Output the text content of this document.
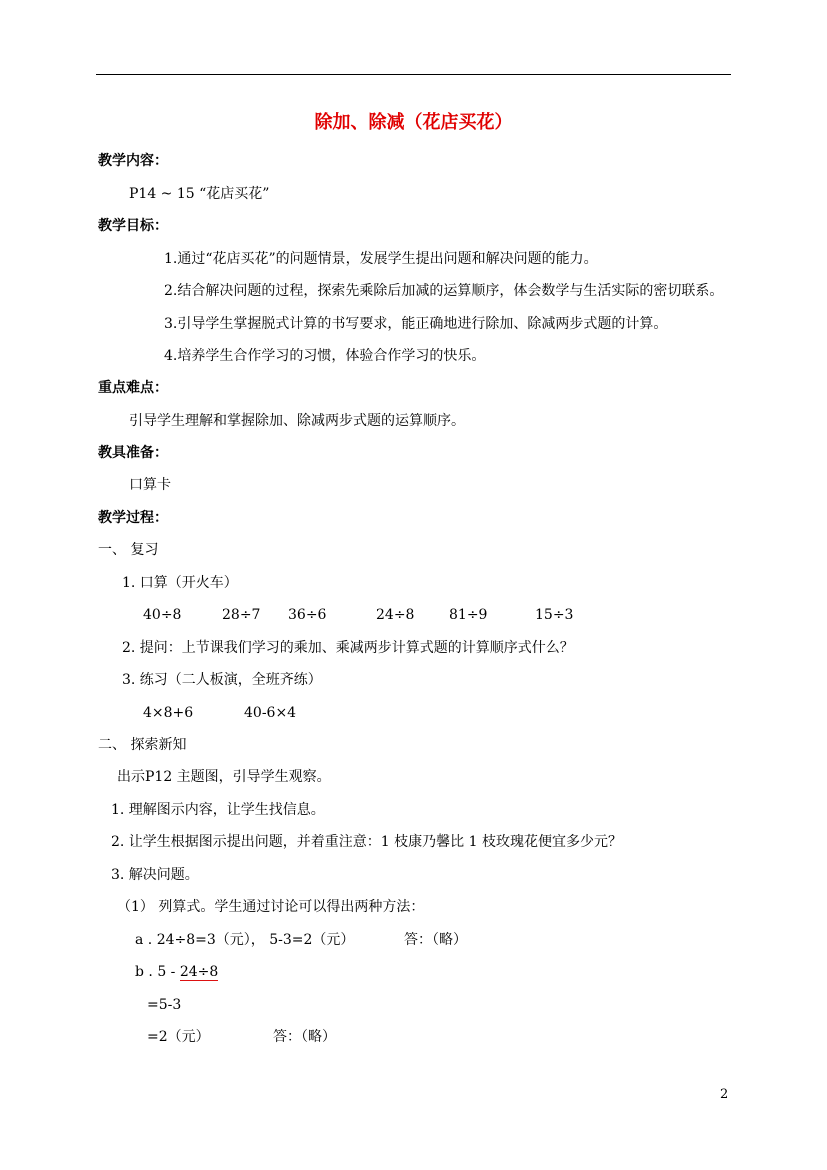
除加、除减（花店买花）
教学内容：
P14 ~ 15 “花店买花”
教学目标：
1.通过“花店买花”的问题情景，发展学生提出问题和解决问题的能力。
2.结合解决问题的过程，探索先乘除后加减的运算顺序，体会数学与生活实际的密切联系。
3.引导学生掌握脱式计算的书写要求，能正确地进行除加、除减两步式题的计算。
4.培养学生合作学习的习惯，体验合作学习的快乐。
重点难点：
引导学生理解和掌握除加、除减两步式题的运算顺序。
教具准备：
口算卡
教学过程：
一、 复习
1. 口算（开火车）
40÷8	28÷7 36÷6	24÷8 81÷9	15÷3
2. 提问：上节课我们学习的乘加、乘减两步计算式题的计算顺序式什么？
3. 练习（二人板演，全班齐练）
4×8+6	40-6×4
二、 探索新知
出示P12 主题图，引导学生观察。
1. 理解图示内容，让学生找信息。
2. 让学生根据图示提出问题，并着重注意：1 枝康乃馨比 1 枝玫瑰花便宜多少元？
3. 解决问题。
（1） 列算式。学生通过讨论可以得出两种方法：
a . 24÷8=3（元）， 5-3=2（元）	答：（略）
b . 5 - 24÷8
=5-3
=2（元）	答：（略）
2
